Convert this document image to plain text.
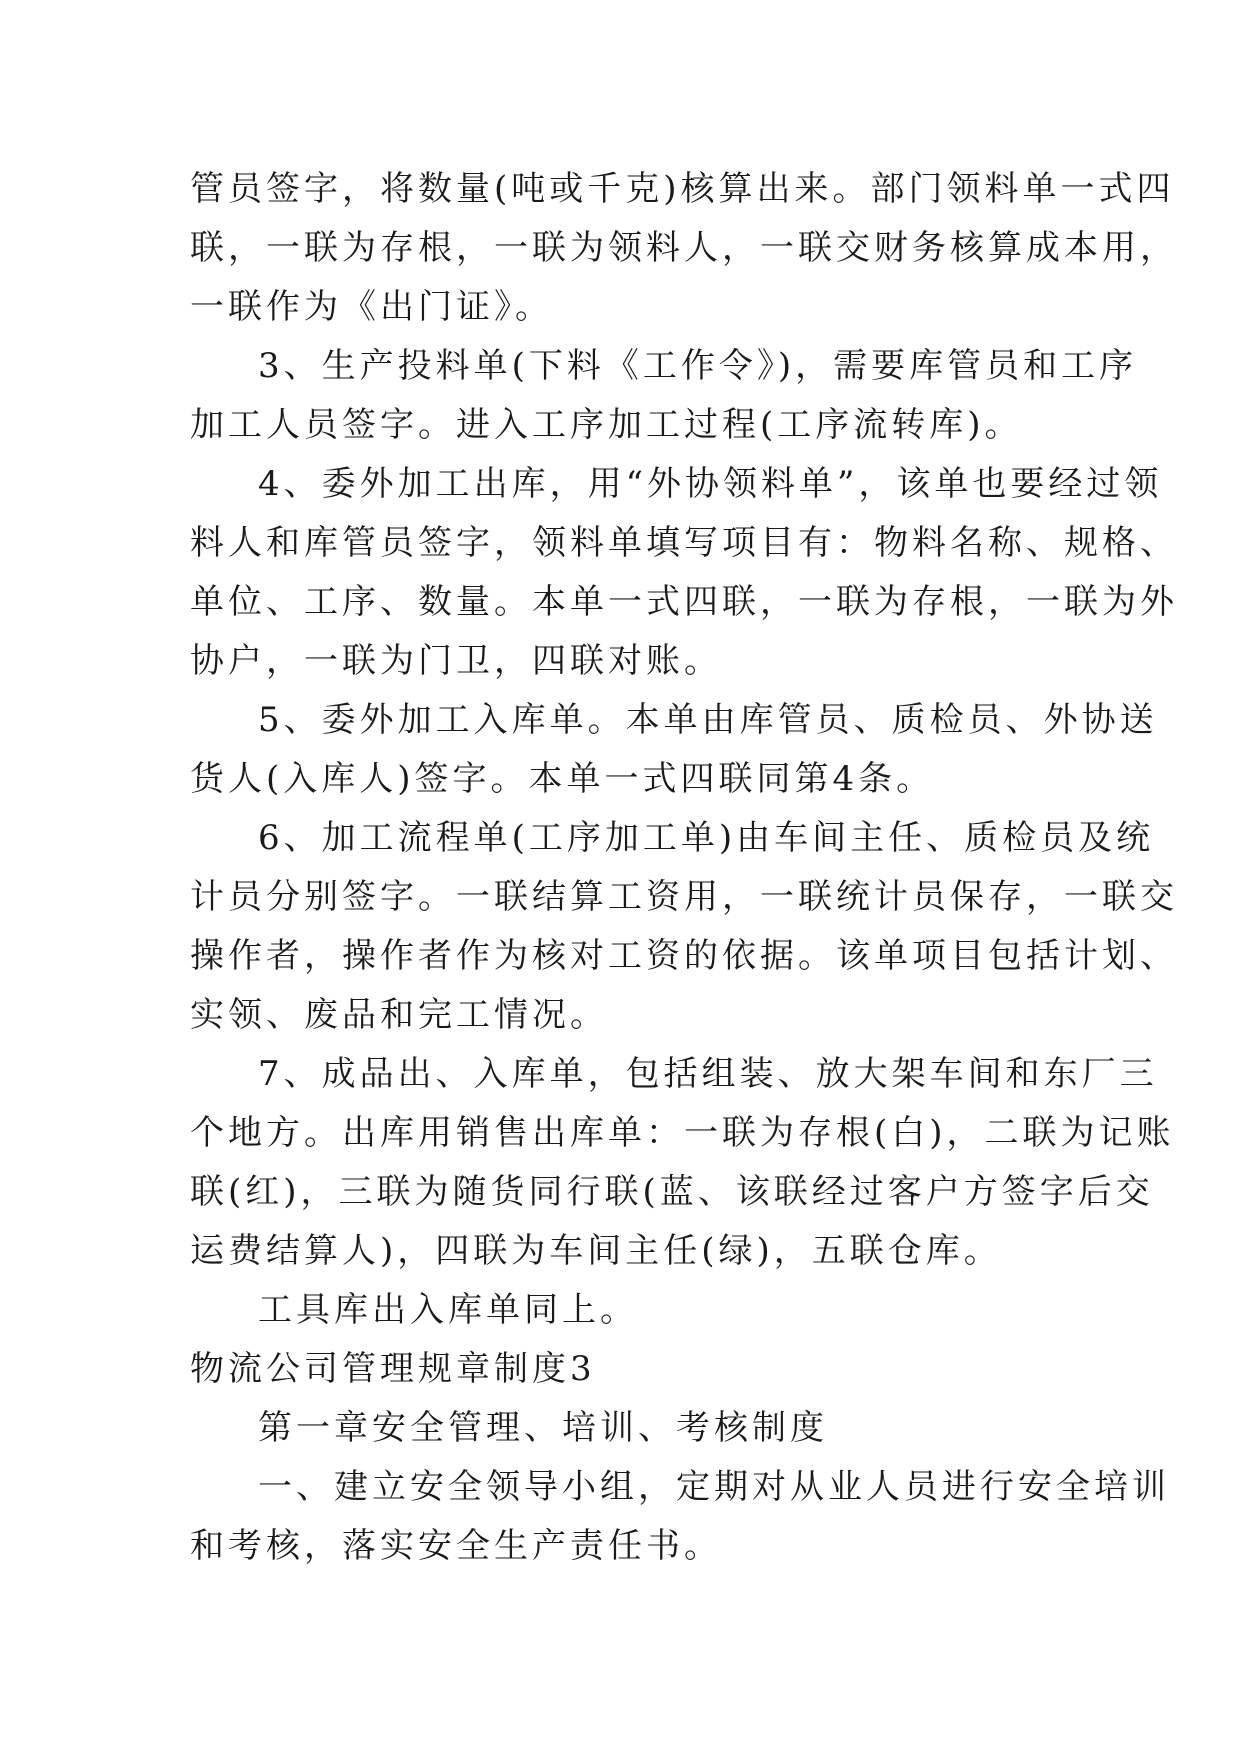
管员签字，将数量(吨或千克)核算出来。部门领料单一式四
联，一联为存根，一联为领料人，一联交财务核算成本用，
一联作为《出门证》。
3、生产投料单(下料《工作令》)，需要库管员和工序
加工人员签字。进入工序加工过程(工序流转库)。
4、委外加工出库，用“外协领料单”，该单也要经过领
料人和库管员签字，领料单填写项目有：物料名称、规格、
单位、工序、数量。本单一式四联，一联为存根，一联为外
协户，一联为门卫，四联对账。
5、委外加工入库单。本单由库管员、质检员、外协送
货人(入库人)签字。本单一式四联同第4条。
6、加工流程单(工序加工单)由车间主任、质检员及统
计员分别签字。一联结算工资用，一联统计员保存，一联交
操作者，操作者作为核对工资的依据。该单项目包括计划、
实领、废品和完工情况。
7、成品出、入库单，包括组装、放大架车间和东厂三
个地方。出库用销售出库单：一联为存根(白)，二联为记账
联(红)，三联为随货同行联(蓝、该联经过客户方签字后交
运费结算人)，四联为车间主任(绿)，五联仓库。
工具库出入库单同上。
物流公司管理规章制度3
第一章安全管理、培训、考核制度
一、建立安全领导小组，定期对从业人员进行安全培训
和考核，落实安全生产责任书。
